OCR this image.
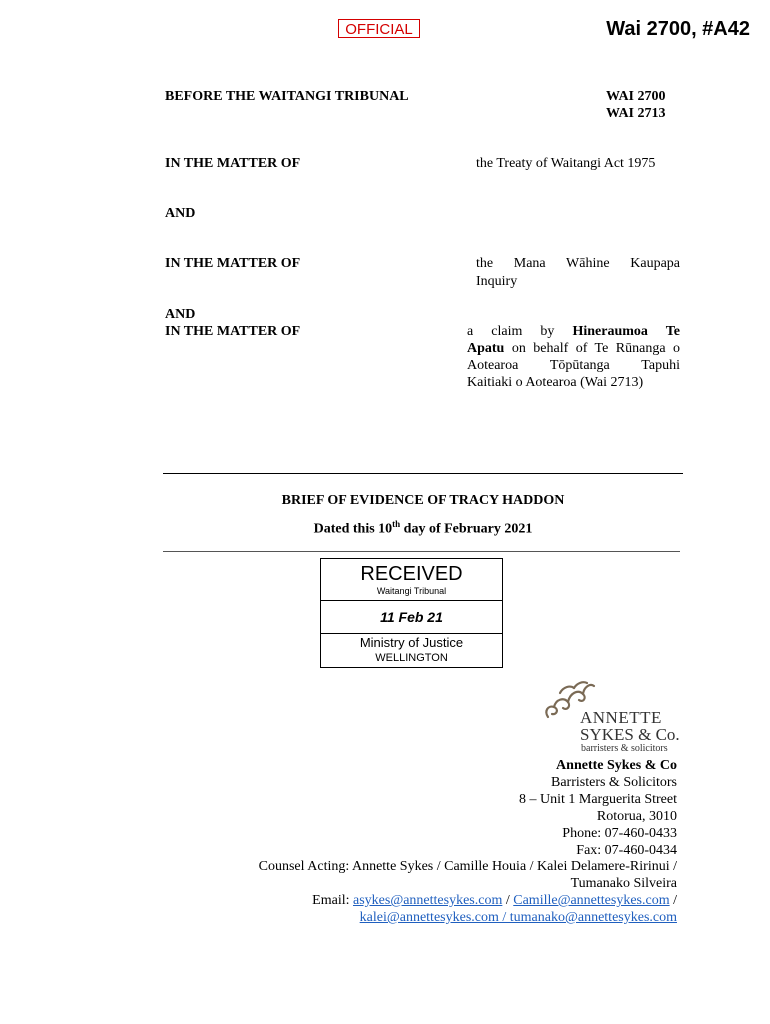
OFFICIAL	Wai 2700, #A42
BEFORE THE WAITANGI TRIBUNAL	WAI 2700
WAI 2713
IN THE MATTER OF	the Treaty of Waitangi Act 1975
AND
IN THE MATTER OF	the Mana Wāhine Kaupapa
Inquiry
AND
IN THE MATTER OF	a claim by Hineraumoa Te
Apatu on behalf of Te Rūnanga o
Aotearoa Tōpūtanga Tapuhi
Kaitiaki o Aotearoa (Wai 2713)
BRIEF OF EVIDENCE OF TRACY HADDON
Dated this 10th day of February 2021
RECEIVED
Waitangi Tribunal
11 Feb 21
Ministry of Justice
WELLINGTON
ANNETTE
SYKES & Co.
barristers & solicitors
Annette Sykes & Co
Barristers & Solicitors
8 – Unit 1 Marguerita Street
Rotorua, 3010
Phone: 07-460-0433
Fax: 07-460-0434
Counsel Acting: Annette Sykes / Camille Houia / Kalei Delamere-Ririnui /
Tumanako Silveira
Email: asykes@annettesykes.com / Camille@annettesykes.com /
kalei@annettesykes.com / tumanako@annettesykes.com
